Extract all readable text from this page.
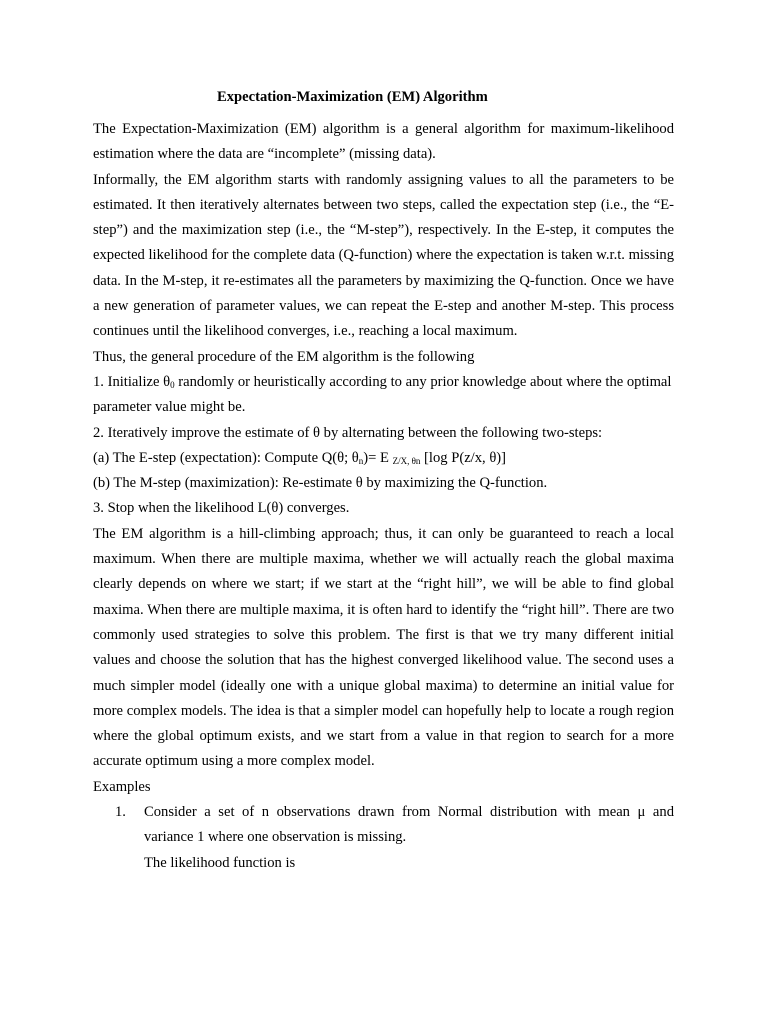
Expectation-Maximization (EM) Algorithm

The Expectation-Maximization (EM) algorithm is a general algorithm for maximum-likelihood estimation where the data are “incomplete” (missing data).

Informally, the EM algorithm starts with randomly assigning values to all the parameters to be estimated. It then iteratively alternates between two steps, called the expectation step (i.e., the “E-step”) and the maximization step (i.e., the “M-step”), respectively. In the E-step, it computes the expected likelihood for the complete data (Q-function) where the expectation is taken w.r.t. missing data. In the M-step, it re-estimates all the parameters by maximizing the Q-function. Once we have a new generation of parameter values, we can repeat the E-step and another M-step. This process continues until the likelihood converges, i.e., reaching a local maximum.

Thus, the general procedure of the EM algorithm is the following

1. Initialize $\theta_0$ randomly or heuristically according to any prior knowledge about where the optimal parameter value might be.

2. Iteratively improve the estimate of θ by alternating between the following two-steps:

(a) The E-step (expectation): Compute Q(θ; $\theta_n)= E$ $_{Z/X, \theta n}$ [log P(z/x, θ)]

(b) The M-step (maximization): Re-estimate θ by maximizing the Q-function.

3. Stop when the likelihood L(θ) converges.

The EM algorithm is a hill-climbing approach; thus, it can only be guaranteed to reach a local maximum. When there are multiple maxima, whether we will actually reach the global maxima clearly depends on where we start; if we start at the “right hill”, we will be able to find global maxima. When there are multiple maxima, it is often hard to identify the “right hill”. There are two commonly used strategies to solve this problem. The first is that we try many different initial values and choose the solution that has the highest converged likelihood value. The second uses a much simpler model (ideally one with a unique global maxima) to determine an initial value for more complex models. The idea is that a simpler model can hopefully help to locate a rough region where the global optimum exists, and we start from a value in that region to search for a more accurate optimum using a more complex model.

Examples

1.	Consider a set of n observations drawn from Normal distribution with mean μ and variance 1 where one observation is missing.
The likelihood function is
